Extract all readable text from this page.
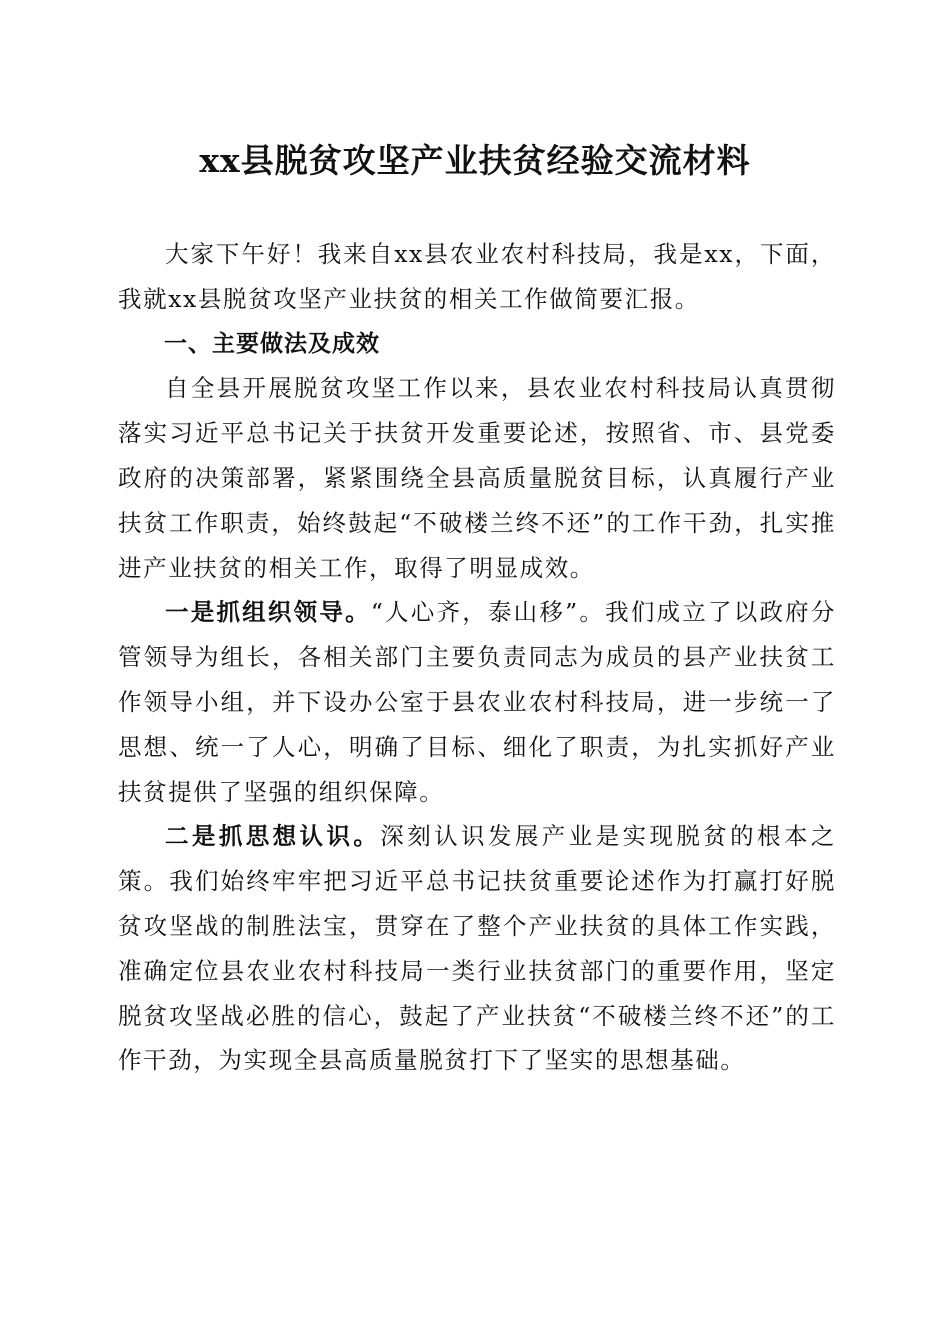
xx县脱贫攻坚产业扶贫经验交流材料

大家下午好！我来自xx县农业农村科技局，我是xx，下面，我就xx县脱贫攻坚产业扶贫的相关工作做简要汇报。

一、主要做法及成效

自全县开展脱贫攻坚工作以来，县农业农村科技局认真贯彻落实习近平总书记关于扶贫开发重要论述，按照省、市、县党委政府的决策部署，紧紧围绕全县高质量脱贫目标，认真履行产业扶贫工作职责，始终鼓起“不破楼兰终不还”的工作干劲，扎实推进产业扶贫的相关工作，取得了明显成效。

一是抓组织领导。“人心齐，泰山移”。我们成立了以政府分管领导为组长，各相关部门主要负责同志为成员的县产业扶贫工作领导小组，并下设办公室于县农业农村科技局，进一步统一了思想、统一了人心，明确了目标、细化了职责，为扎实抓好产业扶贫提供了坚强的组织保障。

二是抓思想认识。深刻认识发展产业是实现脱贫的根本之策。我们始终牢牢把习近平总书记扶贫重要论述作为打赢打好脱贫攻坚战的制胜法宝，贯穿在了整个产业扶贫的具体工作实践，准确定位县农业农村科技局一类行业扶贫部门的重要作用，坚定脱贫攻坚战必胜的信心，鼓起了产业扶贫“不破楼兰终不还”的工作干劲，为实现全县高质量脱贫打下了坚实的思想基础。
